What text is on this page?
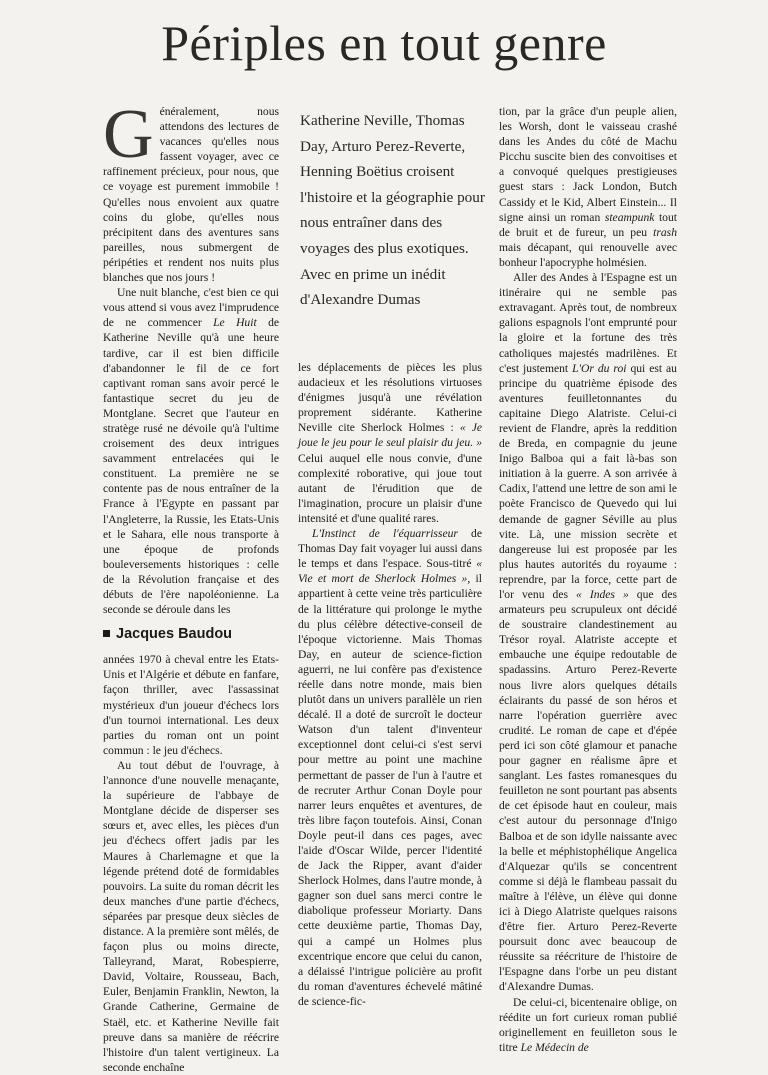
Périples en tout genre

Généralement, nous attendons des lectures de vacances qu'elles nous fassent voyager, avec ce raffinement précieux, pour nous, que ce voyage est purement immobile ! Qu'elles nous envoient aux quatre coins du globe, qu'elles nous précipitent dans des aventures sans pareilles, nous submergent de péripéties et rendent nos nuits plus blanches que nos jours !

Une nuit blanche, c'est bien ce qui vous attend si vous avez l'imprudence de ne commencer Le Huit de Katherine Neville qu'à une heure tardive, car il est bien difficile d'abandonner le fil de ce fort captivant roman sans avoir percé le fantastique secret du jeu de Montglane. Secret que l'auteur en stratège rusé ne dévoile qu'à l'ultime croisement des deux intrigues savamment entrelacées qui le constituent. La première ne se contente pas de nous entraîner de la France à l'Egypte en passant par l'Angleterre, la Russie, les Etats-Unis et le Sahara, elle nous transporte à une époque de profonds bouleversements historiques : celle de la Révolution française et des débuts de l'ère napoléonienne. La seconde se déroule dans les

Jacques Baudou

années 1970 à cheval entre les Etats-Unis et l'Algérie et débute en fanfare, façon thriller, avec l'assassinat mystérieux d'un joueur d'échecs lors d'un tournoi international. Les deux parties du roman ont un point commun : le jeu d'échecs.

Au tout début de l'ouvrage, à l'annonce d'une nouvelle menaçante, la supérieure de l'abbaye de Montglane décide de disperser ses sœurs et, avec elles, les pièces d'un jeu d'échecs offert jadis par les Maures à Charlemagne et que la légende prétend doté de formidables pouvoirs. La suite du roman décrit les deux manches d'une partie d'échecs, séparées par presque deux siècles de distance. A la première sont mêlés, de façon plus ou moins directe, Talleyrand, Marat, Robespierre, David, Voltaire, Rousseau, Bach, Euler, Benjamin Franklin, Newton, la Grande Catherine, Germaine de Staël, etc. et Katherine Neville fait preuve dans sa manière de réécrire l'histoire d'un talent vertigineux. La seconde enchaîne

Katherine Neville, Thomas Day, Arturo Perez-Reverte, Henning Boëtius croisent l'histoire et la géographie pour nous entraîner dans des voyages des plus exotiques. Avec en prime un inédit d'Alexandre Dumas

les déplacements de pièces les plus audacieux et les résolutions virtuoses d'énigmes jusqu'à une révélation proprement sidérante. Katherine Neville cite Sherlock Holmes : « Je joue le jeu pour le seul plaisir du jeu. » Celui auquel elle nous convie, d'une complexité roborative, qui joue tout autant de l'érudition que de l'imagination, procure un plaisir d'une intensité et d'une qualité rares.

L'Instinct de l'équarrisseur de Thomas Day fait voyager lui aussi dans le temps et dans l'espace. Sous-titré « Vie et mort de Sherlock Holmes », il appartient à cette veine très particulière de la littérature qui prolonge le mythe du plus célèbre détective-conseil de l'époque victorienne. Mais Thomas Day, en auteur de science-fiction aguerri, ne lui confère pas d'existence réelle dans notre monde, mais bien plutôt dans un univers parallèle un rien décalé. Il a doté de surcroît le docteur Watson d'un talent d'inventeur exceptionnel dont celui-ci s'est servi pour mettre au point une machine permettant de passer de l'un à l'autre et de recruter Arthur Conan Doyle pour narrer leurs enquêtes et aventures, de très libre façon toutefois. Ainsi, Conan Doyle peut-il dans ces pages, avec l'aide d'Oscar Wilde, percer l'identité de Jack the Ripper, avant d'aider Sherlock Holmes, dans l'autre monde, à gagner son duel sans merci contre le diabolique professeur Moriarty. Dans cette deuxième partie, Thomas Day, qui a campé un Holmes plus excentrique encore que celui du canon, a délaissé l'intrigue policière au profit du roman d'aventures échevelé mâtiné de science-fic-

tion, par la grâce d'un peuple alien, les Worsh, dont le vaisseau crashé dans les Andes du côté de Machu Picchu suscite bien des convoitises et a convoqué quelques prestigieuses guest stars : Jack London, Butch Cassidy et le Kid, Albert Einstein... Il signe ainsi un roman steampunk tout de bruit et de fureur, un peu trash mais décapant, qui renouvelle avec bonheur l'apocryphe holmésien.

Aller des Andes à l'Espagne est un itinéraire qui ne semble pas extravagant. Après tout, de nombreux galions espagnols l'ont emprunté pour la gloire et la fortune des très catholiques majestés madrilènes. Et c'est justement L'Or du roi qui est au principe du quatrième épisode des aventures feuilletonnantes du capitaine Diego Alatriste. Celui-ci revient de Flandre, après la reddition de Breda, en compagnie du jeune Inigo Balboa qui a fait là-bas son initiation à la guerre. A son arrivée à Cadix, l'attend une lettre de son ami le poète Francisco de Quevedo qui lui demande de gagner Séville au plus vite. Là, une mission secrète et dangereuse lui est proposée par les plus hautes autorités du royaume : reprendre, par la force, cette part de l'or venu des « Indes » que des armateurs peu scrupuleux ont décidé de soustraire clandestinement au Trésor royal. Alatriste accepte et embauche une équipe redoutable de spadassins. Arturo Perez-Reverte nous livre alors quelques détails éclairants du passé de son héros et narre l'opération guerrière avec crudité. Le roman de cape et d'épée perd ici son côté glamour et panache pour gagner en réalisme âpre et sanglant. Les fastes romanesques du feuilleton ne sont pourtant pas absents de cet épisode haut en couleur, mais c'est autour du personnage d'Inigo Balboa et de son idylle naissante avec la belle et méphistophélique Angelica d'Alquezar qu'ils se concentrent comme si déjà le flambeau passait du maître à l'élève, un élève qui donne ici à Diego Alatriste quelques raisons d'être fier. Arturo Perez-Reverte poursuit donc avec beaucoup de réussite sa réécriture de l'histoire de l'Espagne dans l'orbe un peu distant d'Alexandre Dumas.

De celui-ci, bicentenaire oblige, on réédite un fort curieux roman publié originellement en feuilleton sous le titre Le Médecin de
